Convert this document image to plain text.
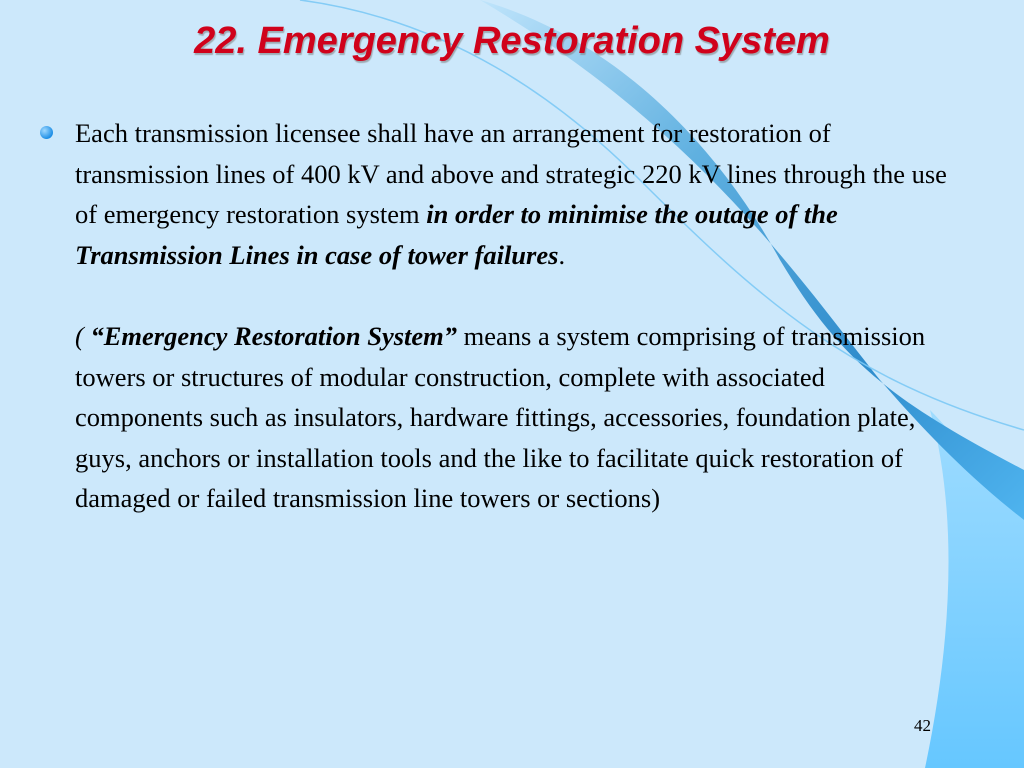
22. Emergency Restoration System

Each transmission licensee shall have an arrangement for restoration of transmission lines of 400 kV and above and strategic 220 kV lines through the use of emergency restoration system in order to minimise the outage of the Transmission Lines in case of tower failures.

( “Emergency Restoration System” means a system comprising of transmission towers or structures of modular construction, complete with associated components such as insulators, hardware fittings, accessories, foundation plate, guys, anchors or installation tools and the like to facilitate quick restoration of damaged or failed transmission line towers or sections)

42
